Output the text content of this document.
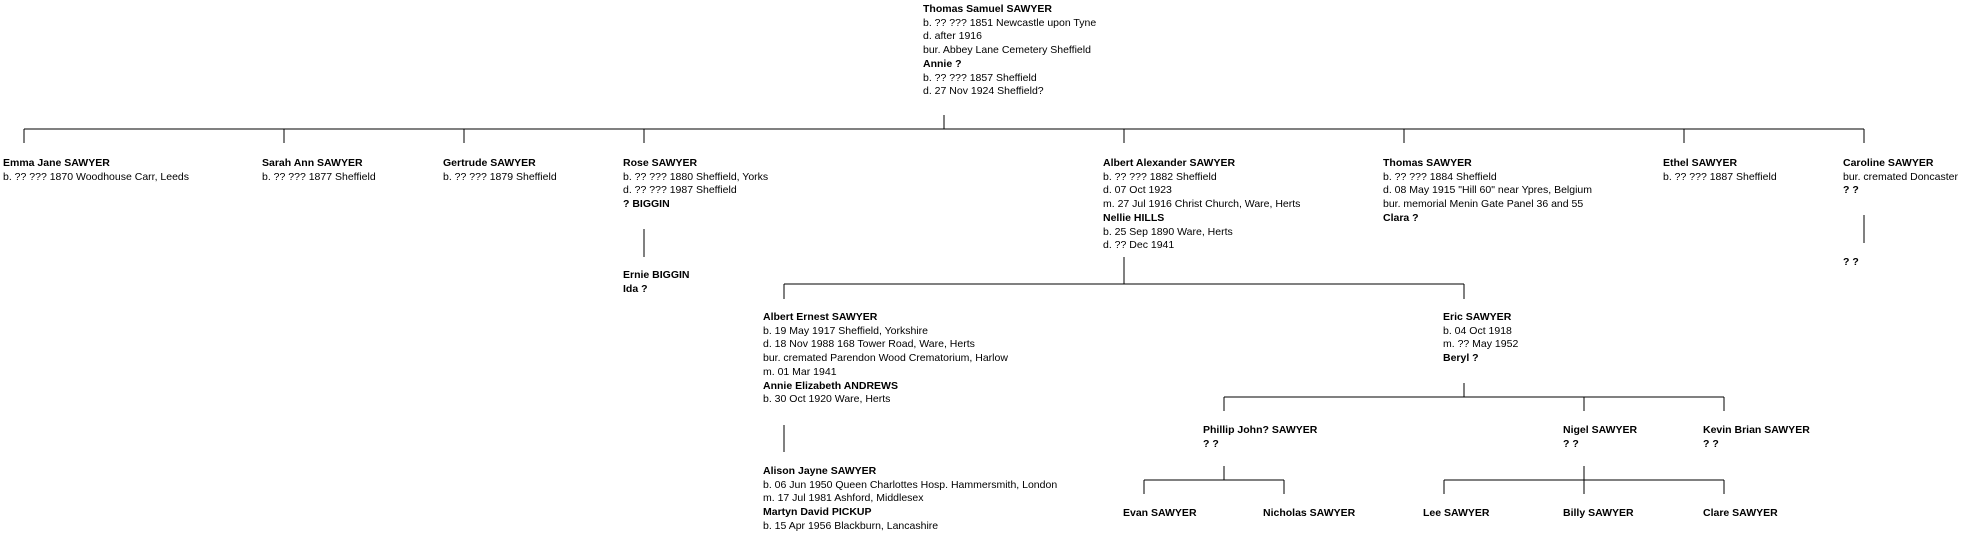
Thomas Samuel SAWYER
b. ?? ??? 1851 Newcastle upon Tyne
d. after 1916
bur. Abbey Lane Cemetery Sheffield
Annie ?
b. ?? ??? 1857 Sheffield
d. 27 Nov 1924 Sheffield?
Emma Jane SAWYER
b. ?? ??? 1870 Woodhouse Carr, Leeds
Sarah Ann SAWYER
b. ?? ??? 1877 Sheffield
Gertrude SAWYER
b. ?? ??? 1879 Sheffield
Rose SAWYER
b. ?? ??? 1880 Sheffield, Yorks
d. ?? ??? 1987 Sheffield
? BIGGIN
Albert Alexander SAWYER
b. ?? ??? 1882 Sheffield
d. 07 Oct 1923
m. 27 Jul 1916 Christ Church, Ware, Herts
Nellie HILLS
b. 25 Sep 1890 Ware, Herts
d. ?? Dec 1941
Thomas SAWYER
b. ?? ??? 1884 Sheffield
d. 08 May 1915 "Hill 60" near Ypres, Belgium
bur. memorial Menin Gate Panel 36 and 55
Clara ?
Ethel SAWYER
b. ?? ??? 1887 Sheffield
Caroline SAWYER
bur. cremated Doncaster
? ?
? ?
Ernie BIGGIN
Ida ?
Albert Ernest SAWYER
b. 19 May 1917 Sheffield, Yorkshire
d. 18 Nov 1988 168 Tower Road, Ware, Herts
bur. cremated Parendon Wood Crematorium, Harlow
m. 01 Mar 1941
Annie Elizabeth ANDREWS
b. 30 Oct 1920 Ware, Herts
Eric SAWYER
b. 04 Oct 1918
m. ?? May 1952
Beryl ?
Alison Jayne SAWYER
b. 06 Jun 1950 Queen Charlottes Hosp. Hammersmith, London
m. 17 Jul 1981 Ashford, Middlesex
Martyn David PICKUP
b. 15 Apr 1956 Blackburn, Lancashire
Phillip John? SAWYER
? ?
Nigel SAWYER
? ?
Kevin Brian SAWYER
? ?
Evan SAWYER	Nicholas SAWYER	Lee SAWYER	Billy SAWYER	Clare SAWYER
